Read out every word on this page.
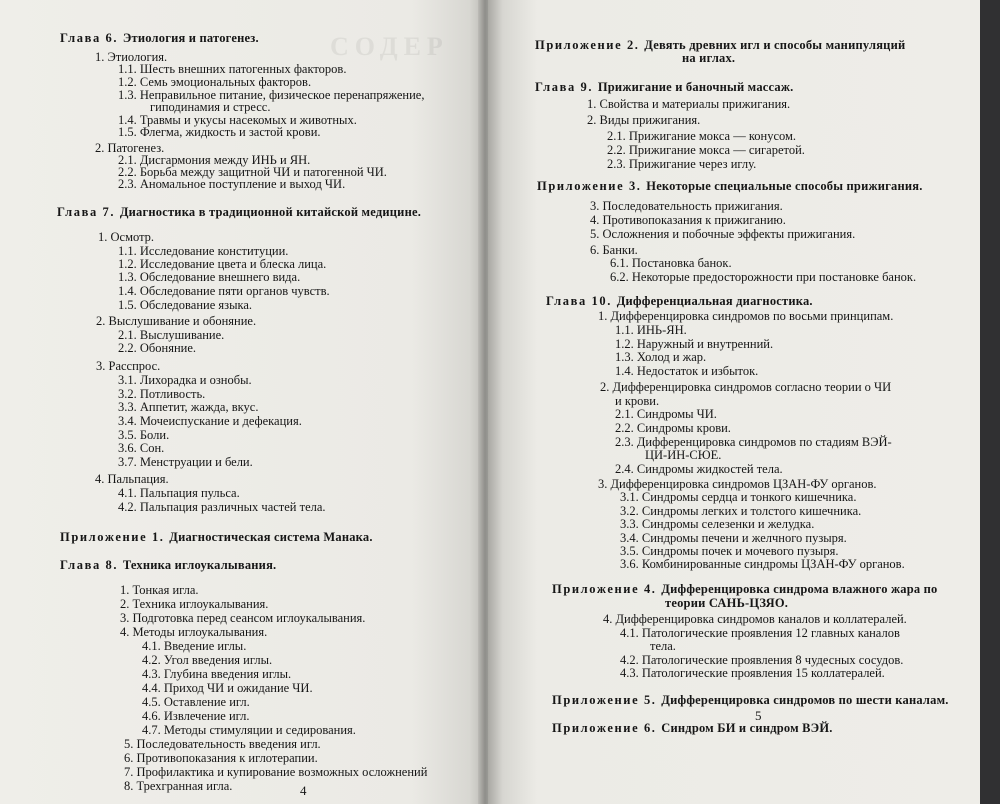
СОДЕР
Глава 6. Этиология и патогенез.
1. Этиология.
1.1. Шесть внешних патогенных факторов.
1.2. Семь эмоциональных факторов.
1.3. Неправильное питание, физическое перенапряжение,
гиподинамия и стресс.
1.4. Травмы и укусы насекомых и животных.
1.5. Флегма, жидкость и застой крови.
2. Патогенез.
2.1. Дисгармония между ИНЬ и ЯН.
2.2. Борьба между защитной ЧИ и патогенной ЧИ.
2.3. Аномальное поступление и выход ЧИ.
Глава 7. Диагностика в традиционной китайской медицине.
1. Осмотр.
1.1. Исследование конституции.
1.2. Исследование цвета и блеска лица.
1.3. Обследование внешнего вида.
1.4. Обследование пяти органов чувств.
1.5. Обследование языка.
2. Выслушивание и обоняние.
2.1. Выслушивание.
2.2. Обоняние.
3. Расспрос.
3.1. Лихорадка и ознобы.
3.2. Потливость.
3.3. Аппетит, жажда, вкус.
3.4. Мочеиспускание и дефекация.
3.5. Боли.
3.6. Сон.
3.7. Менструации и бели.
4. Пальпация.
4.1. Пальпация пульса.
4.2. Пальпация различных частей тела.
Приложение 1. Диагностическая система Манака.
Глава 8. Техника иглоукалывания.
1. Тонкая игла.
2. Техника иглоукалывания.
3. Подготовка перед сеансом иглоукалывания.
4. Методы иглоукалывания.
4.1. Введение иглы.
4.2. Угол введения иглы.
4.3. Глубина введения иглы.
4.4. Приход ЧИ и ожидание ЧИ.
4.5. Оставление игл.
4.6. Извлечение игл.
4.7. Методы стимуляции и седирования.
5. Последовательность введения игл.
6. Противопоказания к иглотерапии.
7. Профилактика и купирование возможных осложнений
8. Трехгранная игла.	4
Приложение 2. Девять древних игл и способы манипуляций
на иглах.
Глава 9. Прижигание и баночный массаж.
1. Свойства и материалы прижигания.
2. Виды прижигания.
2.1. Прижигание мокса — конусом.
2.2. Прижигание мокса — сигаретой.
2.3. Прижигание через иглу.
Приложение 3. Некоторые специальные способы прижигания.
3. Последовательность прижигания.
4. Противопоказания к прижиганию.
5. Осложнения и побочные эффекты прижигания.
6. Банки.
6.1. Постановка банок.
6.2. Некоторые предосторожности при постановке банок.
Глава 10. Дифференциальная диагностика.
1. Дифференцировка синдромов по восьми принципам.
1.1. ИНЬ-ЯН.
1.2. Наружный и внутренний.
1.3. Холод и жар.
1.4. Недостаток и избыток.
2. Дифференцировка синдромов согласно теории о ЧИ
и крови.
2.1. Синдромы ЧИ.
2.2. Синдромы крови.
2.3. Дифференцировка синдромов по стадиям ВЭЙ-
ЦИ-ИН-СЮЕ.
2.4. Синдромы жидкостей тела.
3. Дифференцировка синдромов ЦЗАН-ФУ органов.
3.1. Синдромы сердца и тонкого кишечника.
3.2. Синдромы легких и толстого кишечника.
3.3. Синдромы селезенки и желудка.
3.4. Синдромы печени и желчного пузыря.
3.5. Синдромы почек и мочевого пузыря.
3.6. Комбинированные синдромы ЦЗАН-ФУ органов.
Приложение 4. Дифференцировка синдрома влажного жара по
теории САНЬ-ЦЗЯО.
4. Дифференцировка синдромов каналов и коллатералей.
4.1. Патологические проявления 12 главных каналов
тела.
4.2. Патологические проявления 8 чудесных сосудов.
4.3. Патологические проявления 15 коллатералей.
Приложение 5. Дифференцировка синдромов по шести каналам.
Приложение 6. Синдром БИ и синдром ВЭЙ.
5
